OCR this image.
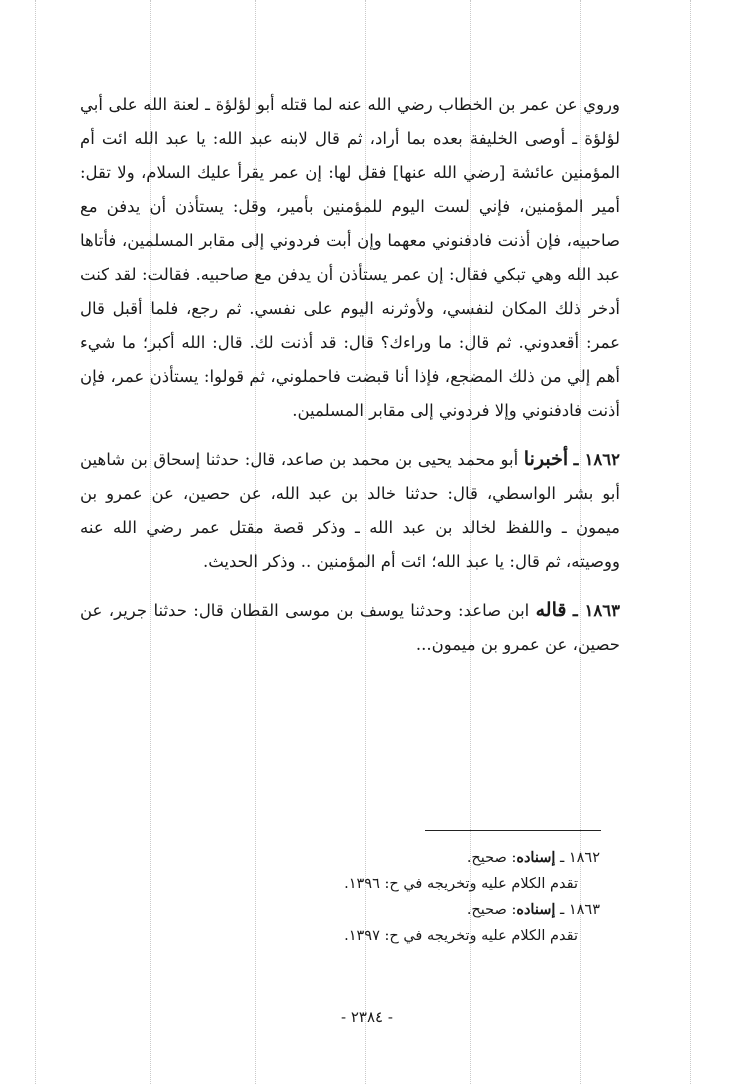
وروي عن عمر بن الخطاب رضي الله عنه لما قتله أبو لؤلؤة ـ لعنة الله على أبي لؤلؤة ـ أوصى الخليفة بعده بما أراد، ثم قال لابنه عبد الله: يا عبد الله ائت أم المؤمنين عائشة [رضي الله عنها] فقل لها: إن عمر يقرأ عليك السلام، ولا تقل: أمير المؤمنين، فإني لست اليوم للمؤمنين بأمير، وقل: يستأذن أن يدفن مع صاحبيه، فإن أذنت فادفنوني معهما وإن أبت فردوني إلى مقابر المسلمين، فأتاها عبد الله وهي تبكي فقال: إن عمر يستأذن أن يدفن مع صاحبيه. فقالت: لقد كنت أدخر ذلك المكان لنفسي، ولأوثرنه اليوم على نفسي. ثم رجع، فلما أقبل قال عمر: أقعدوني. ثم قال: ما وراءك؟ قال: قد أذنت لك. قال: الله أكبر؛ ما شيء أهم إلي من ذلك المضجع، فإذا أنا قبضت فاحملوني، ثم قولوا: يستأذن عمر، فإن أذنت فادفنوني وإلا فردوني إلى مقابر المسلمين.

١٨٦٢ ـ أخبرنا أبو محمد يحيى بن محمد بن صاعد، قال: حدثنا إسحاق بن شاهين أبو بشر الواسطي، قال: حدثنا خالد بن عبد الله، عن حصين، عن عمرو بن ميمون ـ واللفظ لخالد بن عبد الله ـ وذكر قصة مقتل عمر رضي الله عنه ووصيته، ثم قال: يا عبد الله؛ ائت أم المؤمنين .. وذكر الحديث.

١٨٦٣ ـ قاله ابن صاعد: وحدثنا يوسف بن موسى القطان قال: حدثنا جرير، عن حصين، عن عمرو بن ميمون...

١٨٦٢ ـ إسناده: صحيح.
تقدم الكلام عليه وتخريجه في ح: ١٣٩٦.
١٨٦٣ ـ إسناده: صحيح.
تقدم الكلام عليه وتخريجه في ح: ١٣٩٧.
- ٢٣٨٤ -
